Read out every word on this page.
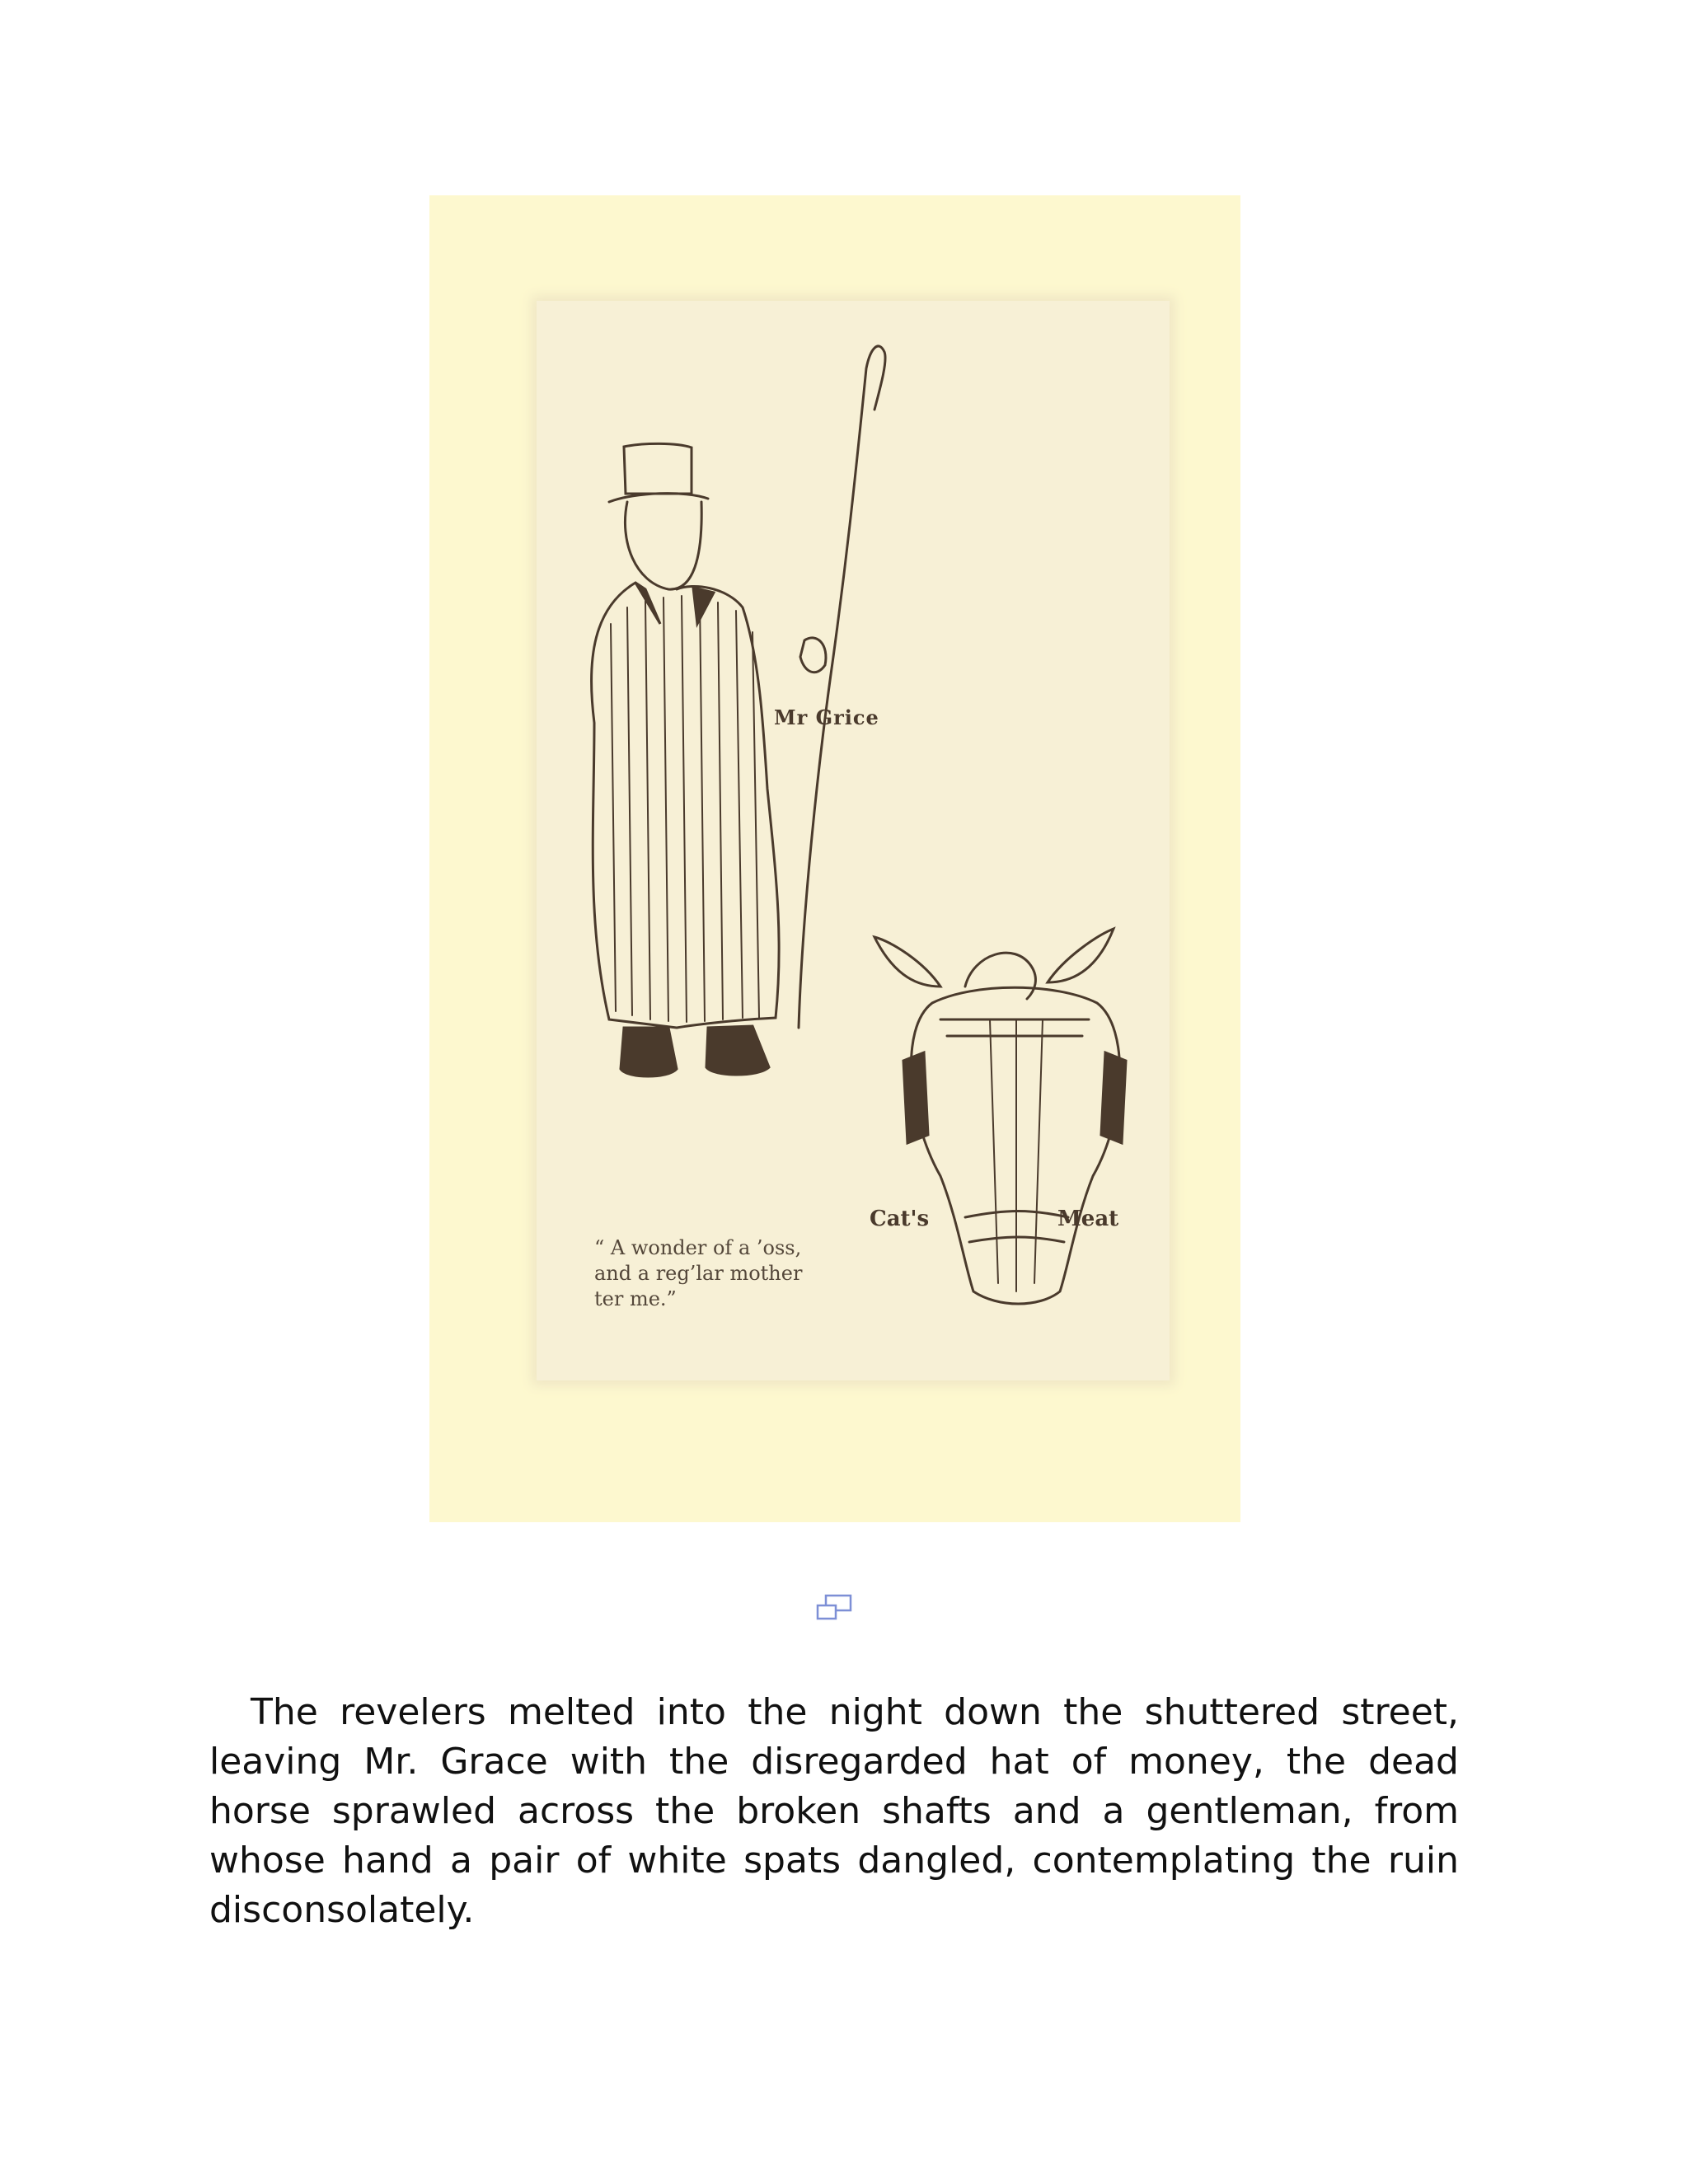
Mr Grice
Cat's	Meat
“ A wonder of a ’oss,
and a reg’lar mother
ter me.”

The revelers melted into the night down the shuttered street, leaving Mr. Grace with the disregarded hat of money, the dead horse sprawled across the broken shafts and a gentleman, from whose hand a pair of white spats dangled, contemplating the ruin disconsolately.
